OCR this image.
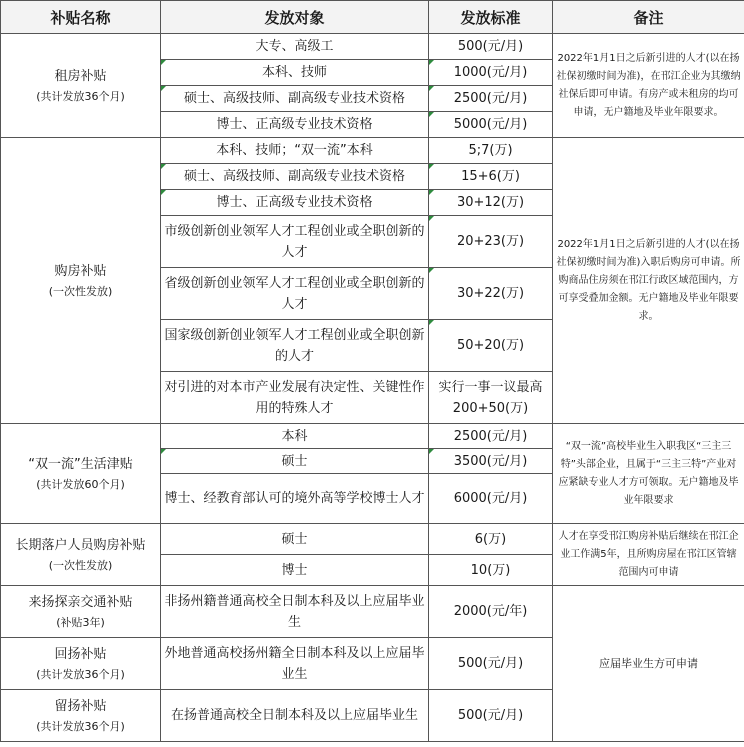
补贴名称	发放对象	发放标准	备注
租房补贴
(共计发放36个月)	大专、高级工	500(元/月)	2022年1月1日之后新引进的人才(以在扬社保初缴时间为准)，在邗江企业为其缴纳社保后即可申请。有房产或未租房的均可申请，无户籍地及毕业年限要求。
	本科、技师	1000(元/月)	
	硕士、高级技师、副高级专业技术资格	2500(元/月)	
	博士、正高级专业技术资格	5000(元/月)	
购房补贴
(一次性发放)	本科、技师；“双一流”本科	5;7(万)	2022年1月1日之后新引进的人才(以在扬社保初缴时间为准)入职后购房可申请。所购商品住房须在邗江行政区域范围内，方可享受叠加金额。无户籍地及毕业年限要求。
	硕士、高级技师、副高级专业技术资格	15+6(万)	
	博士、正高级专业技术资格	30+12(万)	
	市级创新创业领军人才工程创业或全职创新的人才	20+23(万)	
	省级创新创业领军人才工程创业或全职创新的人才	30+22(万)	
	国家级创新创业领军人才工程创业或全职创新的人才	50+20(万)	
	对引进的对本市产业发展有决定性、关键性作用的特殊人才	实行一事一议最高200+50(万)	
“双一流”生活津贴
(共计发放60个月)	本科	2500(元/月)	“双一流”高校毕业生入职我区“三主三特”头部企业，且属于“三主三特”产业对应紧缺专业人才方可领取。无户籍地及毕业年限要求
	硕士	3500(元/月)	
	博士、经教育部认可的境外高等学校博士人才	6000(元/月)	
长期落户人员购房补贴
(一次性发放)	硕士	6(万)	人才在享受邗江购房补贴后继续在邗江企业工作满5年，且所购房屋在邗江区管辖范围内可申请
	博士	10(万)	
来扬探亲交通补贴
(补贴3年)	非扬州籍普通高校全日制本科及以上应届毕业生	2000(元/年)	应届毕业生方可申请
回扬补贴
(共计发放36个月)	外地普通高校扬州籍全日制本科及以上应届毕业生	500(元/月)	
留扬补贴
(共计发放36个月)	在扬普通高校全日制本科及以上应届毕业生	500(元/月)	
